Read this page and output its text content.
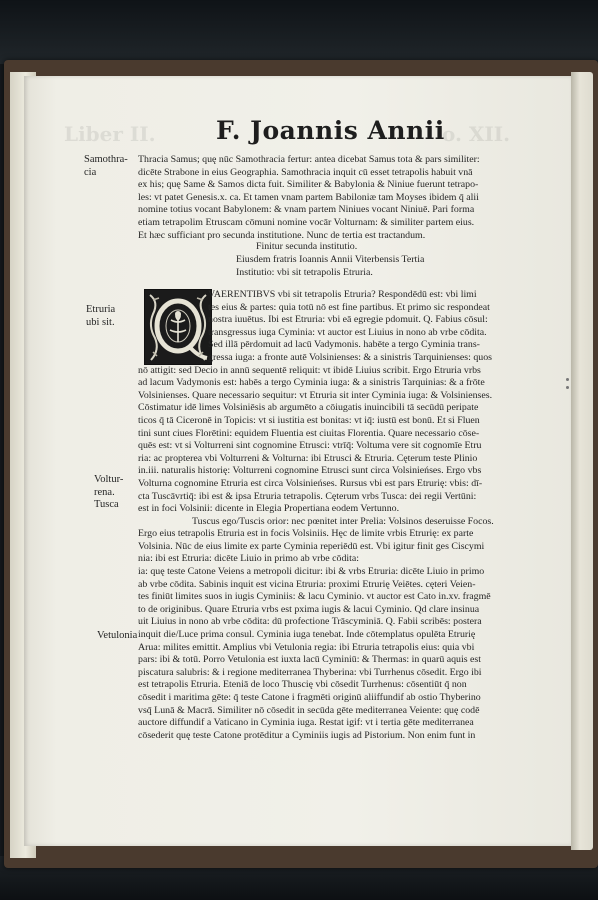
Liber II.	o. XII.
F. Joannis Annii
Samothra-
cia
Etruria
ubi sit.
Voltur-
rena.
Tusca
Vetulonia
Thracia Samus; quę nūc Samothracia fertur: antea dicebat Samus tota & pars similiter:
dicēte Strabone in eius Geographia. Samothracia inquit cū esset tetrapolis habuit vnā
ex his; quę Same & Samos dicta fuit. Similiter & Babylonia & Niniue fuerunt tetrapo-
les: vt patet Genesis.x. ca. Et tamen vnam partem Babiloniæ tam Moyses ibidem q̄ alii
nomine totius vocant Babylonem: & vnam partem Niniues vocant Niniuē. Pari forma
etiam tetrapolim Etruscam cōmuni nomine vocār Volturnam: & similiter partem eius.
Et hæc sufficiant pro secunda institutione. Nunc de tertia est tractandum.
Finitur secunda institutio.
Eiusdem fratris Ioannis Annii Viterbensis Tertia
Institutio: vbi sit tetrapolis Etruria.
VAERENTIBVS vbi sit tetrapolis Etruria? Respondēdū est: vbi limi
tes eius & partes: quia totū nō est fine partibus. Et primo sic respondeat
nostra iuuētus. Ibi est Etruria: vbi eā egregie pdomuit. Q. Fabius cōsul:
transgressus iuga Cyminia: vt auctor est Liuius in nono ab vrbe cōdita.
Sed illā pērdomuit ad lacū Vadymonis. habēte a tergo Cyminia trans-
gressa iuga: a fronte autē Volsinienses: & a sinistris Tarquinienses: quos
nō attigit: sed Decio in annū sequentē reliquit: vt ibidē Liuius scribit. Ergo Etruria vrbs
ad lacum Vadymonis est: habēs a tergo Cyminia iuga: & a sinistris Tarquinias: & a frōte
Volsinienses. Quare necessario sequitur: vt Etruria sit inter Cyminia iuga: & Volsinienses.
Cōstimatur idē limes Volsiniēsis ab argumēto a cōiugatis inuincibili tā secūdū peripate
ticos q̄ tā Ciceronē in Topicis: vt si iustitia est bonitas: vt iq̄: iustū est bonū. Et si Fluen
tini sunt ciues Florētini: equidem Fluentia est ciuitas Florentia. Quare necessario cōse-
quēs est: vt si Volturreni sint cognomine Etrusci: vtrīq̄: Voltuma vere sit cognomīe Etru
ria: ac propterea vbi Volturreni & Volturna: ibi Etrusci & Etruria. Cęterum teste Plinio
in.iii. naturalis historię: Volturreni cognomine Etrusci sunt circa Volsinieńses. Ergo vbs
Volturna cognomine Etruria est circa Volsinieńses. Rursus vbi est pars Etrurię: vbis: dī-
cta Tuscāvrtiq̄: ibi est & ipsa Etruria tetrapolis. Cęterum vrbs Tusca: dei regii Vertūni:
est in foci Volsinii: dicente in Elegia Propertiana eodem Vertunno.
Tuscus ego/Tuscis orior: nec pœnitet inter Prelia: Volsinos deseruisse Focos.
Ergo eius tetrapolis Etruria est in focis Volsiniis. Hęc de limite vrbis Etrurię: ex parte
Volsinia. Nūc de eius limite ex parte Cyminia reperiēdū est. Vbi igitur finit ges Ciscymi
nia: ibi est Etruria: dicēte Liuio in primo ab vrbe cōdita:
ia: quę teste Catone Veiens a metropoli dicitur: ibi & vrbs Etruria: dicēte Liuio in primo
ab vrbe cōdita. Sabinis inquit est vicina Etruria: proximi Etrurię Veiētes. cęteri Veien-
tes finiūt limites suos in iugis Cyminiis: & lacu Cyminio. vt auctor est Cato in.xv. fragmē
to de originibus. Quare Etruria vrbs est pxima iugis & lacui Cyminio. Qd clare insinua
uit Liuius in nono ab vrbe cōdita: dū profectione Trāscyminiā. Q. Fabii scribēs: postera
inquit die/Luce prima consul. Cyminia iuga tenebat. Inde cōtemplatus opulēta Etrurię
Arua: milites emittit. Amplius vbi Vetulonia regia: ibi Etruria tetrapolis eius: quia vbi
pars: ibi & totū. Porro Vetulonia est iuxta lacū Cyminiū: & Thermas: in quarū aquis est
piscatura salubris: & i regione mediterranea Thyberina: vbi Turrhenus cōsedit. Ergo ibi
est tetrapolis Etruria. Eteniā de loco Thuscię vbi cōsedit Turrhenus: cōsentiūt q̄ non
cōsedit i maritima gēte: q̄ teste Catone i fragmēti originū aliiffundif ab ostio Thyberino
vsq̄ Lunā & Macrā. Similiter nō cōsedit in secūda gēte mediterranea Veiente: quę codē
auctore diffundif a Vaticano in Cyminia iuga. Restat igif: vt i tertia gēte mediterranea
cōsederit quę teste Catone protēditur a Cyminiis iugis ad Pistorium. Non enim funt in
